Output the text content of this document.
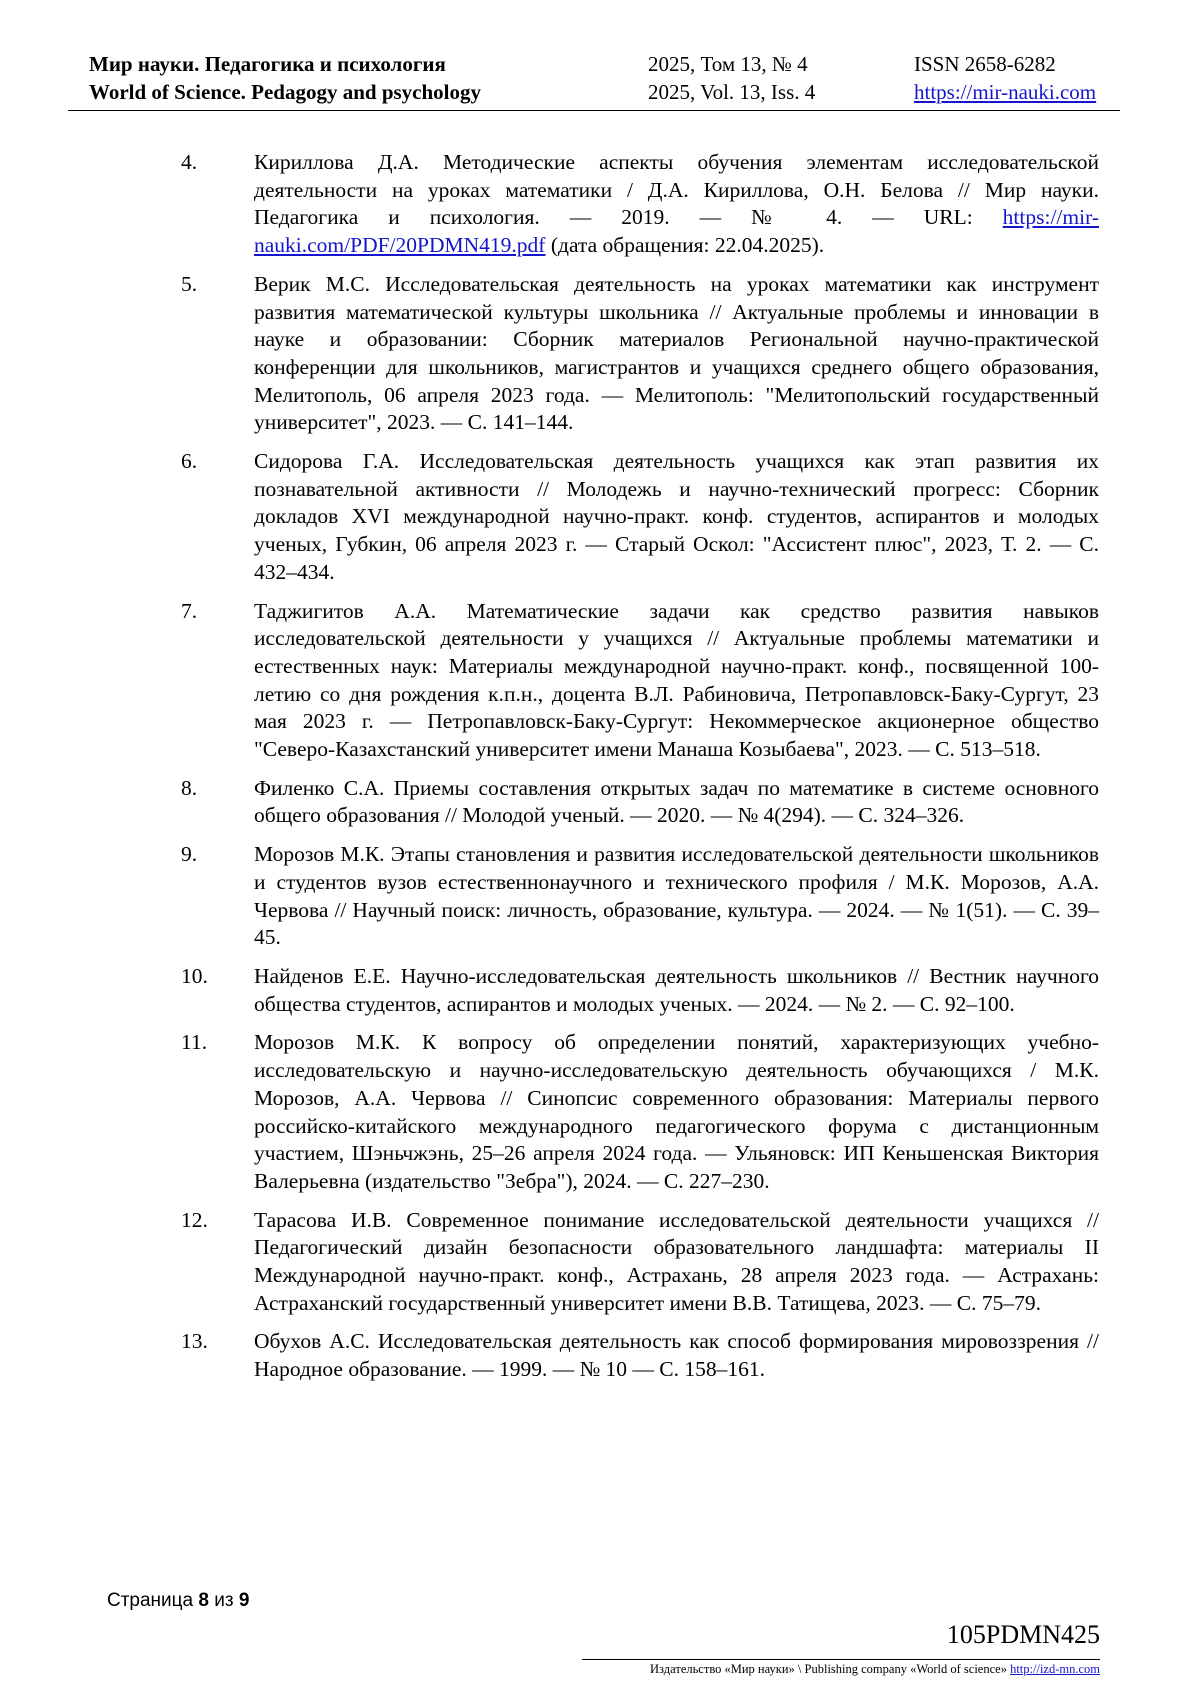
Мир науки. Педагогика и психология
World of Science. Pedagogy and psychology
2025, Том 13, № 4
2025, Vol. 13, Iss. 4
ISSN 2658-6282
https://mir-nauki.com
4.	Кириллова Д.А. Методические аспекты обучения элементам исследовательской деятельности на уроках математики / Д.А. Кириллова, О.Н. Белова // Мир науки. Педагогика и психология. — 2019. — № 4. — URL: https://mir-nauki.com/PDF/20PDMN419.pdf (дата обращения: 22.04.2025).
5.	Верик М.С. Исследовательская деятельность на уроках математики как инструмент развития математической культуры школьника // Актуальные проблемы и инновации в науке и образовании: Сборник материалов Региональной научно-практической конференции для школьников, магистрантов и учащихся среднего общего образования, Мелитополь, 06 апреля 2023 года. — Мелитополь: "Мелитопольский государственный университет", 2023. — С. 141–144.
6.	Сидорова Г.А. Исследовательская деятельность учащихся как этап развития их познавательной активности // Молодежь и научно-технический прогресс: Сборник докладов XVI международной научно-практ. конф. студентов, аспирантов и молодых ученых, Губкин, 06 апреля 2023 г. — Старый Оскол: "Ассистент плюс", 2023, Т. 2. — С. 432–434.
7.	Таджигитов А.А. Математические задачи как средство развития навыков исследовательской деятельности у учащихся // Актуальные проблемы математики и естественных наук: Материалы международной научно-практ. конф., посвященной 100-летию со дня рождения к.п.н., доцента В.Л. Рабиновича, Петропавловск-Баку-Сургут, 23 мая 2023 г. — Петропавловск-Баку-Сургут: Некоммерческое акционерное общество "Северо-Казахстанский университет имени Манаша Козыбаева", 2023. — С. 513–518.
8.	Филенко С.А. Приемы составления открытых задач по математике в системе основного общего образования // Молодой ученый. — 2020. — № 4(294). — С. 324–326.
9.	Морозов М.К. Этапы становления и развития исследовательской деятельности школьников и студентов вузов естественнонаучного и технического профиля / М.К. Морозов, А.А. Червова // Научный поиск: личность, образование, культура. — 2024. — № 1(51). — С. 39–45.
10. Найденов Е.Е. Научно-исследовательская деятельность школьников // Вестник научного общества студентов, аспирантов и молодых ученых. — 2024. — № 2. — С. 92–100.
11. Морозов М.К. К вопросу об определении понятий, характеризующих учебно-исследовательскую и научно-исследовательскую деятельность обучающихся / М.К. Морозов, А.А. Червова // Синопсис современного образования: Материалы первого российско-китайского международного педагогического форума с дистанционным участием, Шэньчжэнь, 25–26 апреля 2024 года. — Ульяновск: ИП Кеньшенская Виктория Валерьевна (издательство "Зебра"), 2024. — С. 227–230.
12. Тарасова И.В. Современное понимание исследовательской деятельности учащихся // Педагогический дизайн безопасности образовательного ландшафта: материалы II Международной научно-практ. конф., Астрахань, 28 апреля 2023 года. — Астрахань: Астраханский государственный университет имени В.В. Татищева, 2023. — С. 75–79.
13. Обухов А.С. Исследовательская деятельность как способ формирования мировоззрения // Народное образование. — 1999. — № 10 — С. 158–161.
Страница 8 из 9
105PDMN425
Издательство «Мир науки» \ Publishing company «World of science» http://izd-mn.com
